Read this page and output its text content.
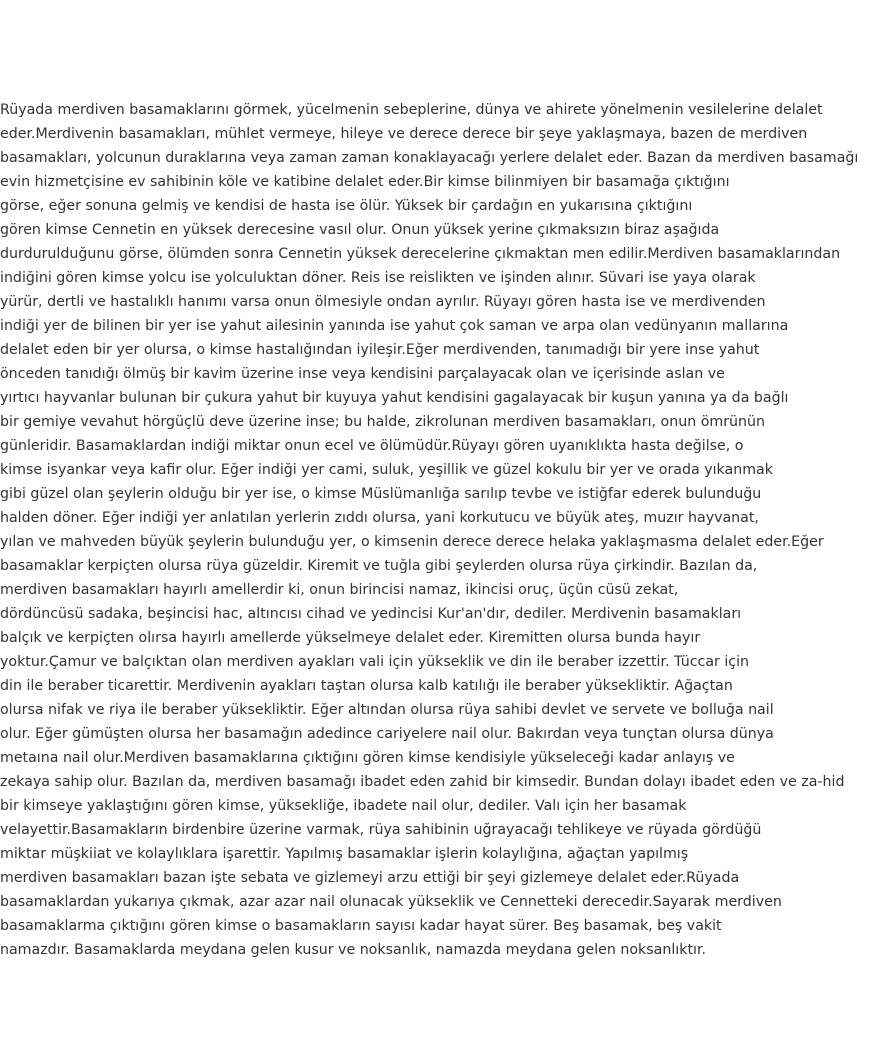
Rüyada merdiven basamaklarını görmek, yücelmenin sebeplerine, dünya ve ahirete yönelmenin vesilelerine delalet
eder.Merdivenin basamakları, mühlet vermeye, hileye ve derece derece bir şeye yaklaşmaya, bazen de merdiven
basamakları, yolcunun duraklarına veya zaman zaman konaklayacağı yerlere delalet eder. Bazan da merdiven basamağı
evin hizmetçisine ev sahibinin köle ve katibine delalet eder.Bir kimse bilinmiyen bir basamağa çıktığını
görse, eğer sonuna gelmiş ve kendisi de hasta ise ölür. Yüksek bir çardağın en yukarısına çıktığını
gören kimse Cennetin en yüksek derecesine vasıl olur. Onun yüksek yerine çıkmaksızın biraz aşağıda
durdurulduğunu görse, ölümden sonra Cennetin yüksek derecelerine çıkmaktan men edilir.Merdiven basamaklarından
indiğini gören kimse yolcu ise yolculuktan döner. Reis ise reislikten ve işinden alınır. Süvari ise yaya olarak
yürür, dertli ve hastalıklı hanımı varsa onun ölmesiyle ondan ayrılır. Rüyayı gören hasta ise ve merdivenden
indiği yer de bilinen bir yer ise yahut ailesinin yanında ise yahut çok saman ve arpa olan vedünyanın mallarına
delalet eden bir yer olursa, o kimse hastalığından iyileşir.Eğer merdivenden, tanımadığı bir yere inse yahut
önceden tanıdığı ölmüş bir kavim üzerine inse veya kendisini parçalayacak olan ve içerisinde aslan ve
yırtıcı hayvanlar bulunan bir çukura yahut bir kuyuya yahut kendisini gagalayacak bir kuşun yanına ya da bağlı
bir gemiye vevahut hörgüçlü deve üzerine inse; bu halde, zikrolunan merdiven basamakları, onun ömrünün
günleridir. Basamaklardan indiği miktar onun ecel ve ölümüdür.Rüyayı gören uyanıklıkta hasta değilse, o
kimse isyankar veya kafir olur. Eğer indiği yer cami, suluk, yeşillik ve güzel kokulu bir yer ve orada yıkanmak
gibi güzel olan şeylerin olduğu bir yer ise, o kimse Müslümanlığa sarılıp tevbe ve istiğfar ederek bulunduğu
halden döner. Eğer indiği yer anlatılan yerlerin zıddı olursa, yani korkutucu ve büyük ateş, muzır hayvanat,
yılan ve mahveden büyük şeylerin bulunduğu yer, o kimsenin derece derece helaka yaklaşmasma delalet eder.Eğer
basamaklar kerpiçten olursa rüya güzeldir. Kiremit ve tuğla gibi şeylerden olursa rüya çirkindir. Bazılan da,
merdiven basamakları hayırlı amellerdir ki, onun birincisi namaz, ikincisi oruç, üçün cüsü zekat,
dördüncüsü sadaka, beşincisi hac, altıncısı cihad ve yedincisi Kur'an'dır, dediler. Merdivenin basamakları
balçık ve kerpiçten olırsa hayırlı amellerde yükselmeye delalet eder. Kiremitten olursa bunda hayır
yoktur.Çamur ve balçıktan olan merdiven ayakları vali için yükseklik ve din ile beraber izzettir. Tüccar için
din ile beraber ticarettir. Merdivenin ayakları taştan olursa kalb katılığı ile beraber yüksekliktir. Ağaçtan
olursa nifak ve riya ile beraber yüksekliktir. Eğer altından olursa rüya sahibi devlet ve servete ve bolluğa nail
olur. Eğer gümüşten olursa her basamağın adedince cariyelere nail olur. Bakırdan veya tunçtan olursa dünya
metaına nail olur.Merdiven basamaklarına çıktığını gören kimse kendisiyle yükseleceği kadar anlayış ve
zekaya sahip olur. Bazılan da, merdiven basamağı ibadet eden zahid bir kimsedir. Bundan dolayı ibadet eden ve za-hid
bir kimseye yaklaştığını gören kimse, yüksekliğe, ibadete nail olur, dediler. Valı için her basamak
velayettir.Basamakların birdenbire üzerine varmak, rüya sahibinin uğrayacağı tehlikeye ve rüyada gördüğü
miktar müşkiiat ve kolaylıklara işarettir. Yapılmış basamaklar işlerin kolaylığına, ağaçtan yapılmış
merdiven basamakları bazan işte sebata ve gizlemeyi arzu ettiği bir şeyi gizlemeye delalet eder.Rüyada
basamaklardan yukarıya çıkmak, azar azar nail olunacak yükseklik ve Cennetteki derecedir.Sayarak merdiven
basamaklarma çıktığını gören kimse o basamakların sayısı kadar hayat sürer. Beş basamak, beş vakit
namazdır. Basamaklarda meydana gelen kusur ve noksanlık, namazda meydana gelen noksanlıktır.
